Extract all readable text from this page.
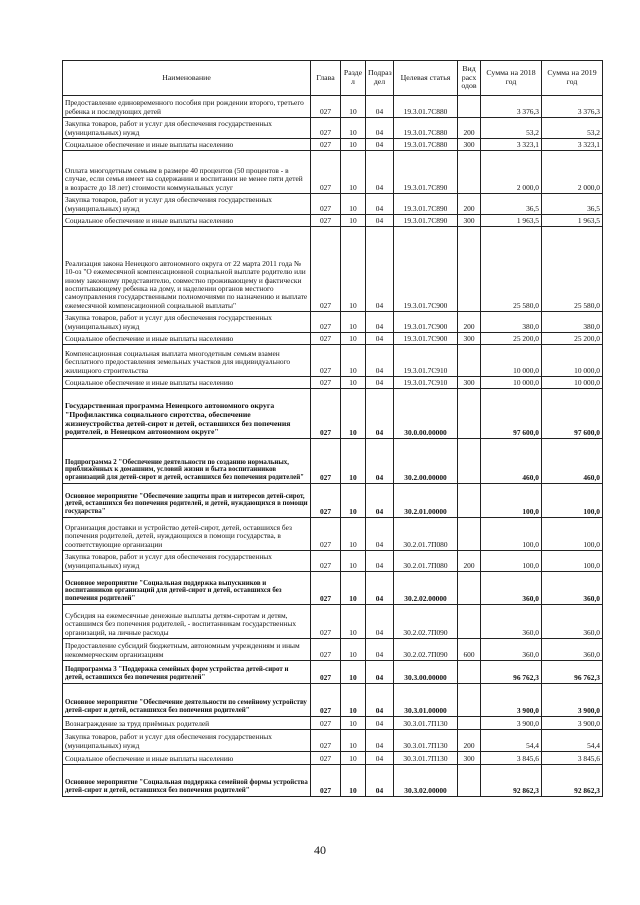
Наименование	Глава	Разде л	Подраз дел	Целевая статья	Вид расх одов	Сумма на 2018 год	Сумма на 2019 год
Предоставление единовременного пособия при рождении второго, третьего ребенка и последующих детей	027	10	04	19.3.01.7С880		3 376,3	3 376,3
Закупка товаров, работ и услуг для обеспечения государственных (муниципальных) нужд	027	10	04	19.3.01.7С880	200	53,2	53,2
Социальное обеспечение и иные выплаты населению	027	10	04	19.3.01.7С880	300	3 323,1	3 323,1
Оплата многодетным семьям в размере 40 процентов (50 процентов - в случае, если семья имеет на содержании и воспитании не менее пяти детей в возрасте до 18 лет) стоимости коммунальных услуг	027	10	04	19.3.01.7С890		2 000,0	2 000,0
Закупка товаров, работ и услуг для обеспечения государственных (муниципальных) нужд	027	10	04	19.3.01.7С890	200	36,5	36,5
Социальное обеспечение и иные выплаты населению	027	10	04	19.3.01.7С890	300	1 963,5	1 963,5
Реализация закона Ненецкого автономного округа от 22 марта 2011 года № 10-оз "О ежемесячной компенсационной социальной выплате родителю или иному законному представителю, совместно проживающему и фактически воспитывающему ребенка на дому, и наделении органов местного самоуправления государственными полномочиями по назначению и выплате ежемесячной компенсационной социальной выплаты"	027	10	04	19.3.01.7С900		25 580,0	25 580,0
Закупка товаров, работ и услуг для обеспечения государственных (муниципальных) нужд	027	10	04	19.3.01.7С900	200	380,0	380,0
Социальное обеспечение и иные выплаты населению	027	10	04	19.3.01.7С900	300	25 200,0	25 200,0
Компенсационная социальная выплата многодетным семьям взамен бесплатного предоставления земельных участков для индивидуального жилищного строительства	027	10	04	19.3.01.7С910		10 000,0	10 000,0
Социальное обеспечение и иные выплаты населению	027	10	04	19.3.01.7С910	300	10 000,0	10 000,0
Государственная программа Ненецкого автономного округа "Профилактика социального сиротства, обеспечение жизнеустройства детей-сирот и детей, оставшихся без попечения родителей, в Ненецком автономном округе"	027	10	04	30.0.00.00000		97 600,0	97 600,0
Подпрограмма 2 "Обеспечение деятельности по созданию нормальных, приближённых к домашним, условий жизни и быта воспитанников организаций для детей-сирот и детей, оставшихся без попечения родителей"	027	10	04	30.2.00.00000		460,0	460,0
Основное мероприятие "Обеспечение защиты прав и интересов детей-сирот, детей, оставшихся без попечения родителей, и детей, нуждающихся в помощи государства"	027	10	04	30.2.01.00000		100,0	100,0
Организация доставки и устройство детей-сирот, детей, оставшихся без попечения родителей, детей, нуждающихся в помощи государства, в соответствующие организации	027	10	04	30.2.01.7П080		100,0	100,0
Закупка товаров, работ и услуг для обеспечения государственных (муниципальных) нужд	027	10	04	30.2.01.7П080	200	100,0	100,0
Основное мероприятие "Социальная поддержка выпускников и воспитанников организаций для детей-сирот и детей, оставшихся без попечения родителей"	027	10	04	30.2.02.00000		360,0	360,0
Субсидия на ежемесячные денежные выплаты детям-сиротам и детям, оставшимся без попечения родителей, - воспитанникам государственных организаций, на личные расходы	027	10	04	30.2.02.7П090		360,0	360,0
Предоставление субсидий бюджетным, автономным учреждениям и иным некоммерческим организациям	027	10	04	30.2.02.7П090	600	360,0	360,0
Подпрограмма 3 "Поддержка семейных форм устройства детей-сирот и детей, оставшихся без попечения родителей"	027	10	04	30.3.00.00000		96 762,3	96 762,3
Основное мероприятие "Обеспечение деятельности по семейному устройству детей-сирот и детей, оставшихся без попечения родителей"	027	10	04	30.3.01.00000		3 900,0	3 900,0
Вознаграждение за труд приёмных родителей	027	10	04	30.3.01.7П130		3 900,0	3 900,0
Закупка товаров, работ и услуг для обеспечения государственных (муниципальных) нужд	027	10	04	30.3.01.7П130	200	54,4	54,4
Социальное обеспечение и иные выплаты населению	027	10	04	30.3.01.7П130	300	3 845,6	3 845,6
Основное мероприятие "Социальная поддержка семейной формы устройства детей-сирот и детей, оставшихся без попечения родителей"	027	10	04	30.3.02.00000		92 862,3	92 862,3
40
